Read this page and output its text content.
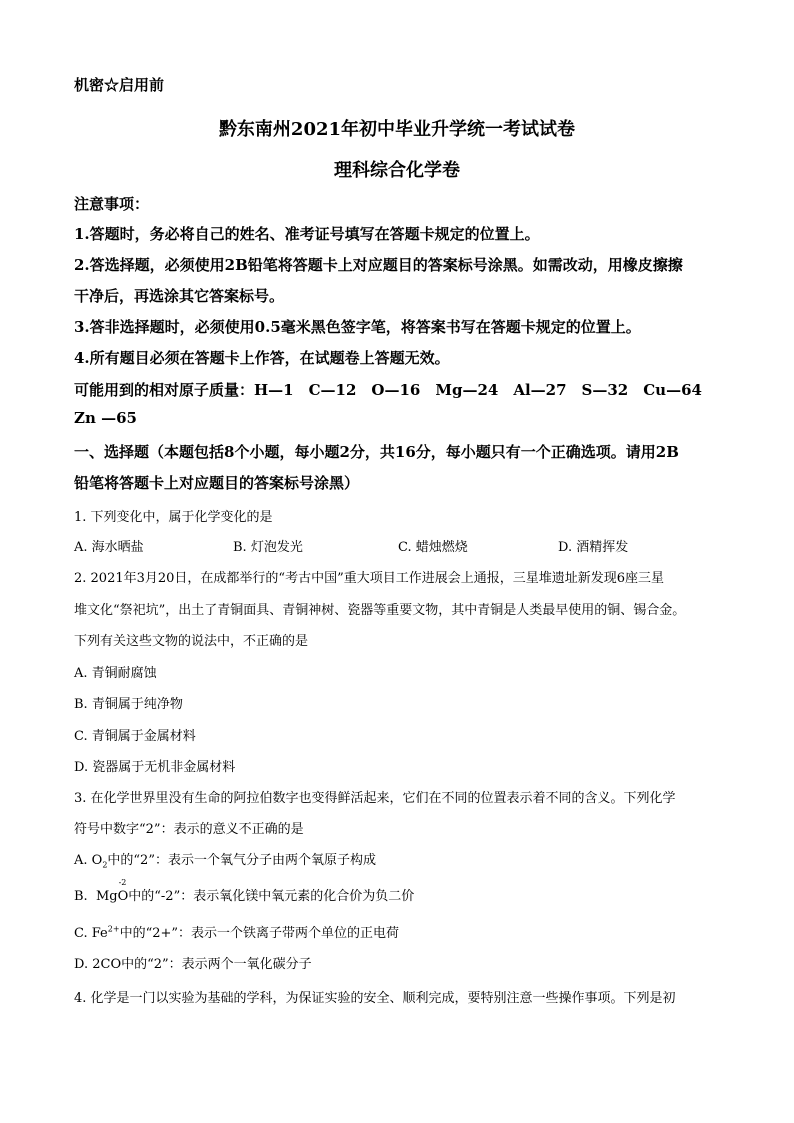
机密☆启用前
黔东南州2021年初中毕业升学统一考试试卷
理科综合化学卷
注意事项：
1.答题时，务必将自己的姓名、准考证号填写在答题卡规定的位置上。
2.答选择题，必须使用2B铅笔将答题卡上对应题目的答案标号涂黑。如需改动，用橡皮擦擦
干净后，再选涂其它答案标号。
3.答非选择题时，必须使用0.5毫米黑色签字笔，将答案书写在答题卡规定的位置上。
4.所有题目必须在答题卡上作答，在试题卷上答题无效。
可能用到的相对原子质量：H—1　C—12　O—16　Mg—24　Al—27　S—32　Cu—64
Zn —65
一、选择题（本题包括8个小题，每小题2分，共16分，每小题只有一个正确选项。请用2B
铅笔将答题卡上对应题目的答案标号涂黑）
1. 下列变化中，属于化学变化的是
A. 海水晒盐	B. 灯泡发光	C. 蜡烛燃烧	D. 酒精挥发
2. 2021年3月20日，在成都举行的“考古中国”重大项目工作进展会上通报，三星堆遗址新发现6座三星
堆文化“祭祀坑”，出土了青铜面具、青铜神树、瓷器等重要文物，其中青铜是人类最早使用的铜、锡合金。
下列有关这些文物的说法中，不正确的是
A. 青铜耐腐蚀
B. 青铜属于纯净物
C. 青铜属于金属材料
D. 瓷器属于无机非金属材料
3. 在化学世界里没有生命的阿拉伯数字也变得鲜活起来，它们在不同的位置表示着不同的含义。下列化学
符号中数字“2”：表示的意义不正确的是
A. $O_2$中的“2”：表示一个氧气分子由两个氧原子构成
B. Mg
-2
O中的“-2”：表示氧化镁中氧元素的化合价为负二价
C. $Fe^{2+}$中的“2+”：表示一个铁离子带两个单位的正电荷
D. 2CO中的“2”：表示两个一氧化碳分子
4. 化学是一门以实验为基础的学科，为保证实验的安全、顺利完成，要特别注意一些操作事项。下列是初
